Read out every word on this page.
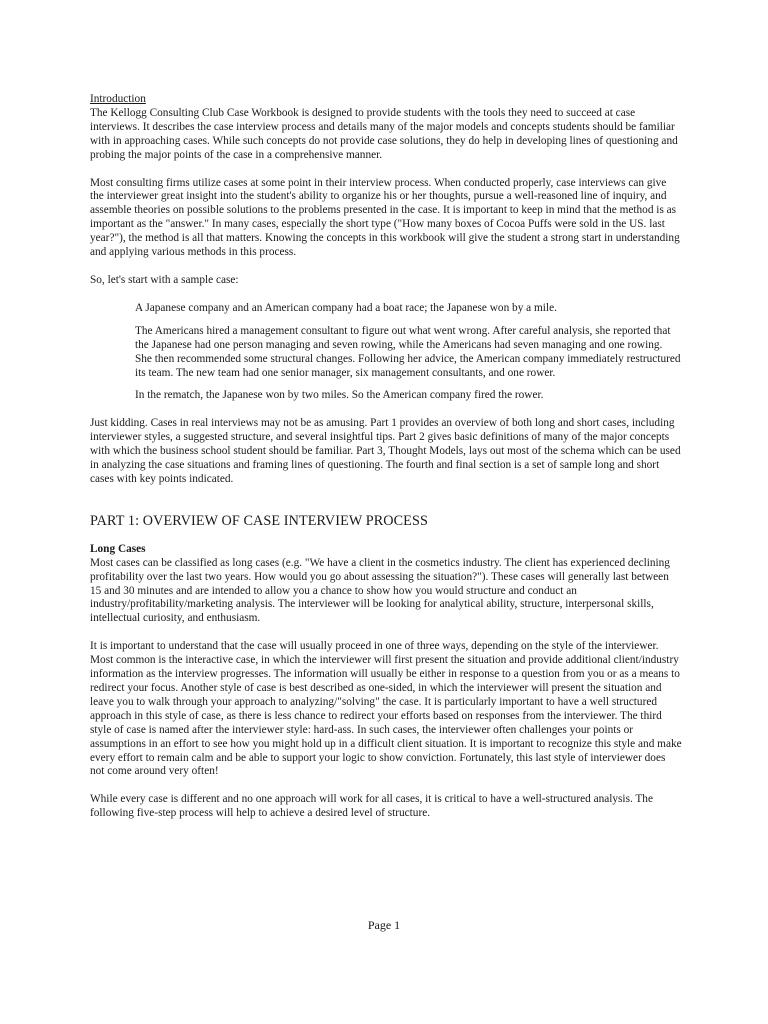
Introduction

The Kellogg Consulting Club Case Workbook is designed to provide students with the tools they need to succeed at case interviews. It describes the case interview process and details many of the major models and concepts students should be familiar with in approaching cases. While such concepts do not provide case solutions, they do help in developing lines of questioning and probing the major points of the case in a comprehensive manner.

Most consulting firms utilize cases at some point in their interview process. When conducted properly, case interviews can give the interviewer great insight into the student's ability to organize his or her thoughts, pursue a well-reasoned line of inquiry, and assemble theories on possible solutions to the problems presented in the case. It is important to keep in mind that the method is as important as the "answer." In many cases, especially the short type ("How many boxes of Cocoa Puffs were sold in the US. last year?"), the method is all that matters. Knowing the concepts in this workbook will give the student a strong start in understanding and applying various methods in this process.

So, let's start with a sample case:

A Japanese company and an American company had a boat race; the Japanese won by a mile.

The Americans hired a management consultant to figure out what went wrong. After careful analysis, she reported that the Japanese had one person managing and seven rowing, while the Americans had seven managing and one rowing. She then recommended some structural changes. Following her advice, the American company immediately restructured its team. The new team had one senior manager, six management consultants, and one rower.

In the rematch, the Japanese won by two miles. So the American company fired the rower.

Just kidding. Cases in real interviews may not be as amusing. Part 1 provides an overview of both long and short cases, including interviewer styles, a suggested structure, and several insightful tips. Part 2 gives basic definitions of many of the major concepts with which the business school student should be familiar. Part 3, Thought Models, lays out most of the schema which can be used in analyzing the case situations and framing lines of questioning. The fourth and final section is a set of sample long and short cases with key points indicated.

PART 1: OVERVIEW OF CASE INTERVIEW PROCESS

Long Cases

Most cases can be classified as long cases (e.g. "We have a client in the cosmetics industry. The client has experienced declining profitability over the last two years. How would you go about assessing the situation?"). These cases will generally last between 15 and 30 minutes and are intended to allow you a chance to show how you would structure and conduct an industry/profitability/marketing analysis. The interviewer will be looking for analytical ability, structure, interpersonal skills, intellectual curiosity, and enthusiasm.

It is important to understand that the case will usually proceed in one of three ways, depending on the style of the interviewer. Most common is the interactive case, in which the interviewer will first present the situation and provide additional client/industry information as the interview progresses. The information will usually be either in response to a question from you or as a means to redirect your focus. Another style of case is best described as one-sided, in which the interviewer will present the situation and leave you to walk through your approach to analyzing/"solving" the case. It is particularly important to have a well structured approach in this style of case, as there is less chance to redirect your efforts based on responses from the interviewer. The third style of case is named after the interviewer style: hard-ass. In such cases, the interviewer often challenges your points or assumptions in an effort to see how you might hold up in a difficult client situation. It is important to recognize this style and make every effort to remain calm and be able to support your logic to show conviction. Fortunately, this last style of interviewer does not come around very often!

While every case is different and no one approach will work for all cases, it is critical to have a well-structured analysis. The following five-step process will help to achieve a desired level of structure.

Page 1
